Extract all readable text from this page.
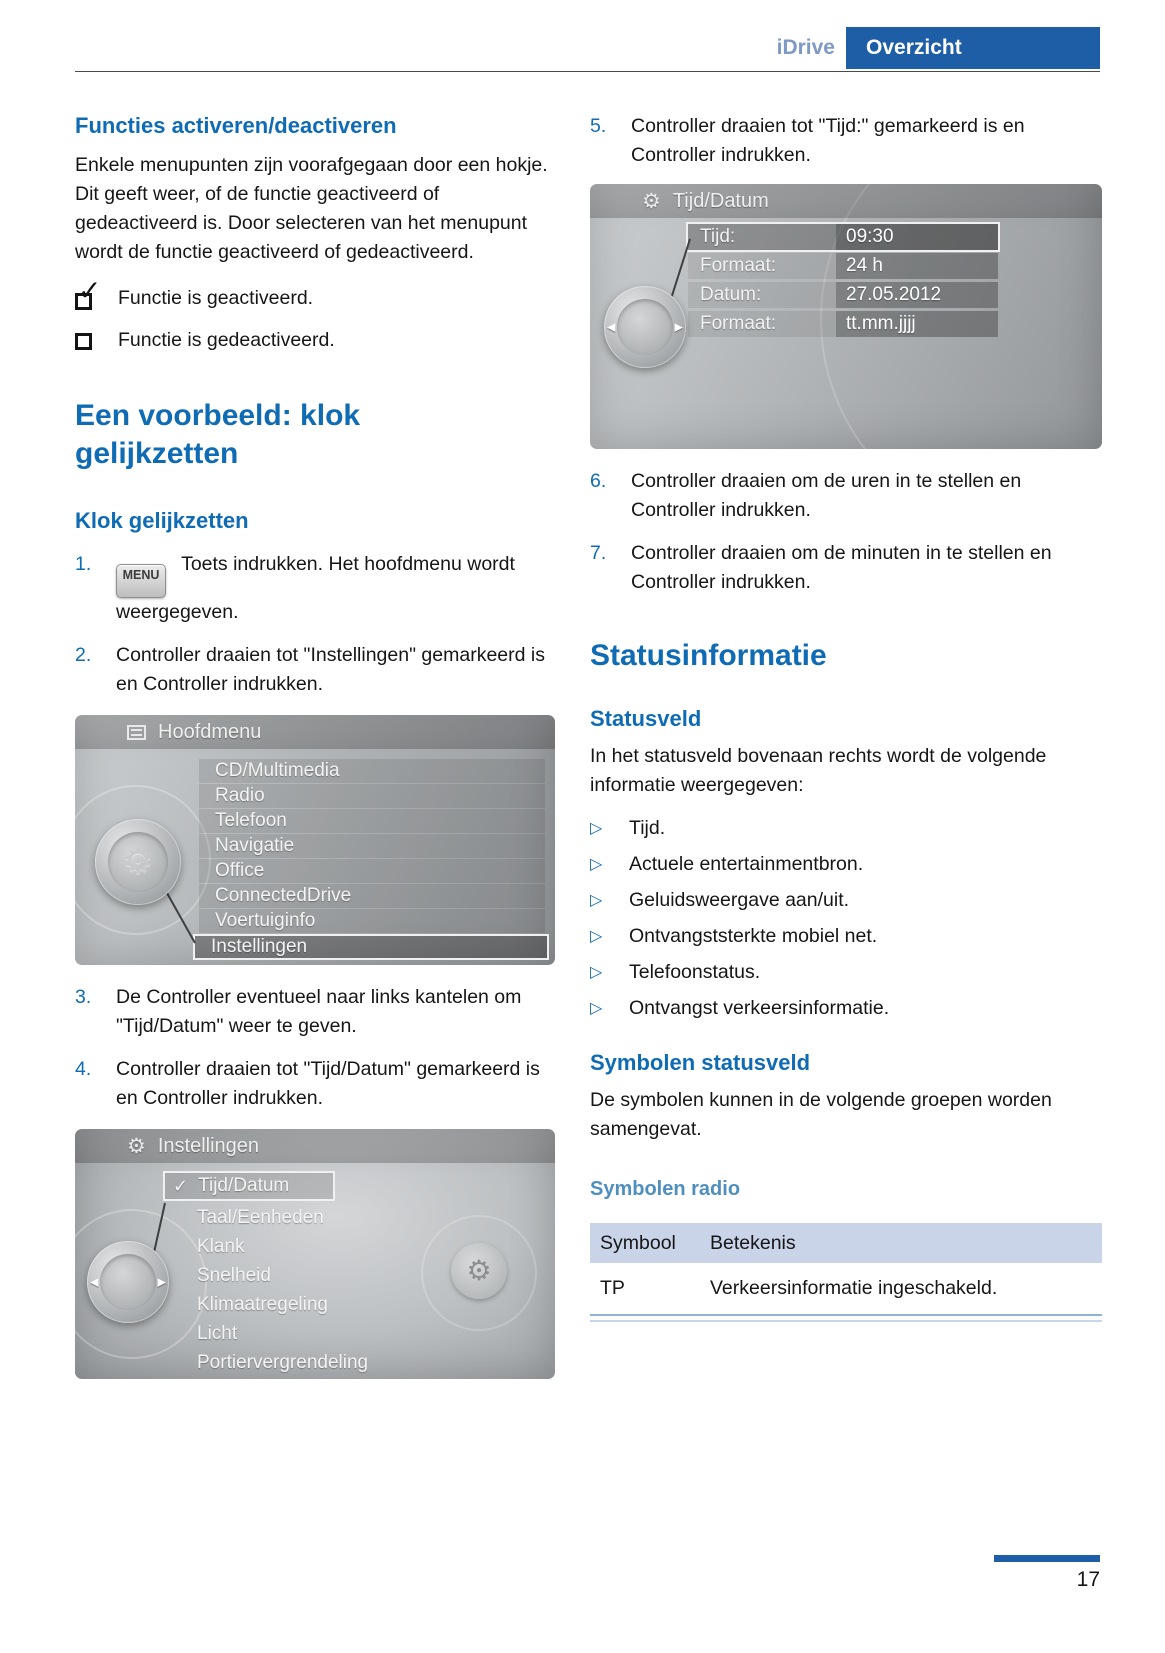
iDrive Overzicht
Functies activeren/deactiveren

Enkele menupunten zijn voorafgegaan door een hokje. Dit geeft weer, of de functie geactiveerd of gedeactiveerd is. Door selecteren van het menupunt wordt de functie geactiveerd of gedeactiveerd.

✓ Functie is geactiveerd.
Functie is gedeactiveerd.
Een voorbeeld: klok gelijkzetten
Klok gelijkzetten
1.	MENU Toets indrukken. Het hoofdmenu wordt weergegeven.
2.	Controller draaien tot "Instellingen" gemarkeerd is en Controller indrukken.
Hoofdmenu
CD/Multimedia
Radio
Telefoon
Navigatie
Office
ConnectedDrive
Voertuiginfo
Instellingen
⚙
3.	De Controller eventueel naar links kantelen om "Tijd/Datum" weer te geven.
4.	Controller draaien tot "Tijd/Datum" gemarkeerd is en Controller indrukken.
⚙ Instellingen
✓ Tijd/Datum
Taal/Eenheden
Klank
Snelheid
Klimaatregeling
Licht
Portiervergrendeling
◀	▶	⚙
5.	Controller draaien tot "Tijd:" gemarkeerd is en Controller indrukken.
⚙ Tijd/Datum
Tijd:	09:30
Formaat:	24 h
Datum:	27.05.2012
Formaat:	tt.mm.jjjj
◀	▶
6.	Controller draaien om de uren in te stellen en Controller indrukken.
7.	Controller draaien om de minuten in te stellen en Controller indrukken.
Statusinformatie
Statusveld

In het statusveld bovenaan rechts wordt de volgende informatie weergegeven:

▷	Tijd.
▷	Actuele entertainmentbron.
▷	Geluidsweergave aan/uit.
▷	Ontvangststerkte mobiel net.
▷	Telefoonstatus.
▷	Ontvangst verkeersinformatie.
Symbolen statusveld

De symbolen kunnen in de volgende groepen worden samengevat.

Symbolen radio
Symbool	Betekenis
TP	Verkeersinformatie ingeschakeld.
17
